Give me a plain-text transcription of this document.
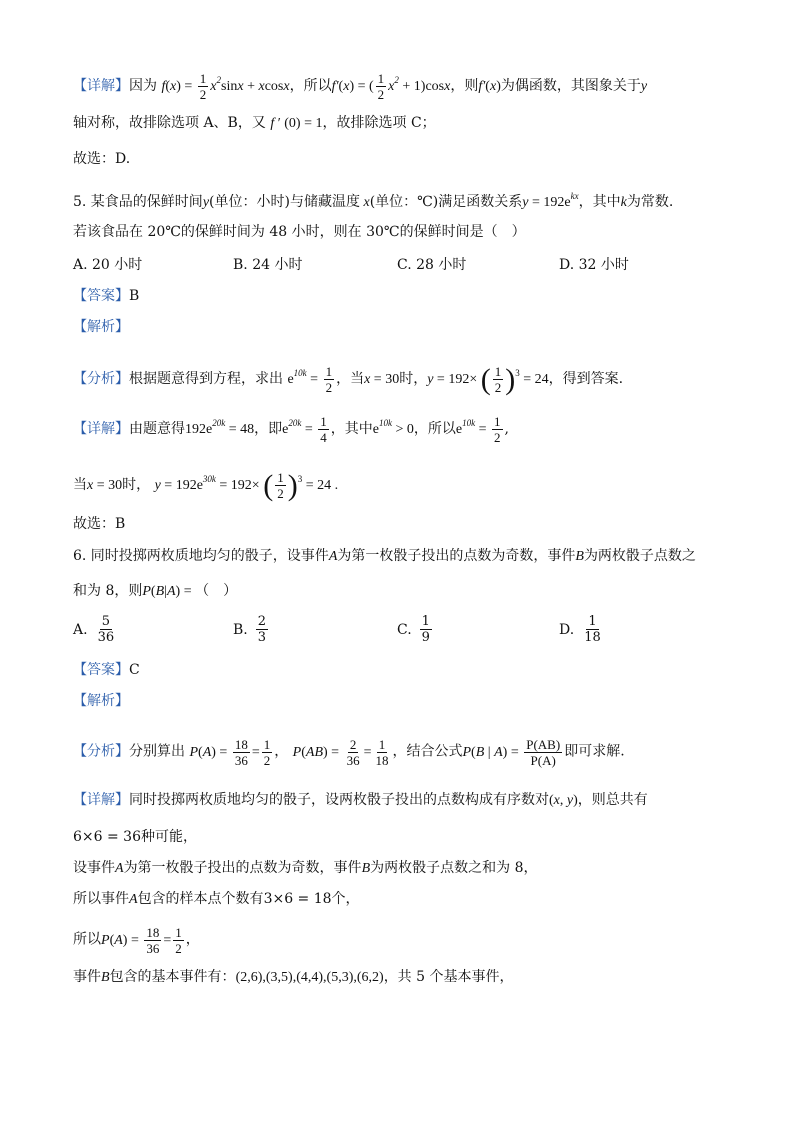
【详解】因为 $f(x) = \frac{1}{2} x^2\sin x + xcosx$，所以f′(x) = ( $\frac{1}{2} x^2 + 1)\cos x$，则f′(x)为偶函数，其图象关于y
轴对称，故排除选项 A、B，又 f ′ (0) = 1，故排除选项 C；
故选：D.
5. 某食品的保鲜时间y(单位：小时)与储藏温度 x(单位：℃)满足函数关系$y = 192e^{kx}$，其中k为常数.
若该食品在 20℃的保鲜时间为 48 小时，则在 30℃的保鲜时间是（　）
A. 20 小时	B. 24 小时	C. 28 小时	D. 32 小时
【答案】B
【解析】
【分析】根据题意得到方程，求出 $e^{10k} = \frac{1}{2}$ ，当x = 30时，y = 192× ( $\frac{1}{2} )^3 = 24$，得到答案.
【详解】由题意得$192e^{20k} = 48$，即$e^{20k} = \frac{1}{4}$ ，其中$e^{10k} > 0$，所以$e^{10k} = \frac{1}{2}$ ,
当x = 30时， $y = 192e^{30k} = 192\times$ ( $\frac{1}{2} )^3 = 24$ .
故选：B
6. 同时投掷两枚质地均匀的骰子，设事件A为第一枚骰子投出的点数为奇数，事件B为两枚骰子点数之
和为 8，则P(B|A) = （　）
A. $\frac{5}{36}$	B. $\frac{2}{3}$	C. $\frac{1}{9}$	D. $\frac{1}{18}$
【答案】C
【解析】
【分析】分别算出 $P(A) = \frac{18}{36} = \frac{1}{2}$ ， $P(AB) = \frac{2}{36} = \frac{1}{18}$ ，结合公式P(B | $A) = \frac{P(AB)}{P(A)}$ 即可求解.
【详解】同时投掷两枚质地均匀的骰子，设两枚骰子投出的点数构成有序数对(x, y)，则总共有
6×6 = 36种可能，
设事件A为第一枚骰子投出的点数为奇数，事件B为两枚骰子点数之和为 8，
所以事件A包含的样本点个数有3×6 = 18个，
所以$P(A) = \frac{18}{36} = \frac{1}{2}$ ，
事件B包含的基本事件有：(2,6),(3,5),(4,4),(5,3),(6,2)，共 5 个基本事件，
